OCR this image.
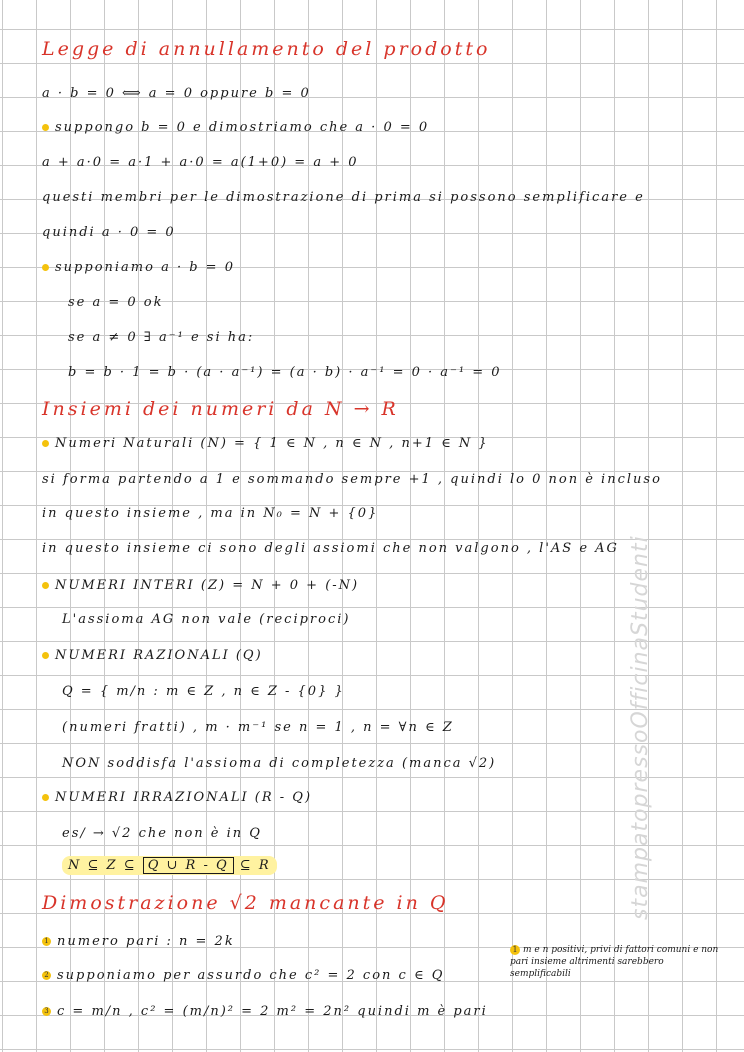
Legge di annullamento del prodotto
a · b = 0 ⟺ a = 0 oppure b = 0
suppongo b = 0 e dimostriamo che a · 0 = 0
a + a·0 = a·1 + a·0 = a(1+0) = a + 0
questi membri per le dimostrazione di prima si possono semplificare e
quindi a · 0 = 0
supponiamo a · b = 0
se a = 0 ok
se a ≠ 0 ∃ a⁻¹ e si ha:
b = b · 1 = b · (a · a⁻¹) = (a · b) · a⁻¹ = 0 · a⁻¹ = 0
Insiemi dei numeri da N → R
Numeri Naturali (N) = { 1 ∈ N , n ∈ N , n+1 ∈ N }
si forma partendo a 1 e sommando sempre +1 , quindi lo 0 non è incluso
in questo insieme , ma in N₀ = N + {0}
in questo insieme ci sono degli assiomi che non valgono , l'AS e AG
NUMERI INTERI (Z) = N + 0 + (-N)
L'assioma AG non vale (reciproci)
NUMERI RAZIONALI (Q)
Q = { m/n : m ∈ Z , n ∈ Z - {0} }
(numeri fratti) , m · m⁻¹ se n = 1 , n = ∀n ∈ Z
NON soddisfa l'assioma di completezza (manca √2)
NUMERI IRRAZIONALI (R - Q)
es/ → √2 che non è in Q
N ⊆ Z ⊆ Q ∪ R - Q ⊆ R
Dimostrazione √2 mancante in Q
1 numero pari : n = 2k
2 supponiamo per assurdo che c² = 2 con c ∈ Q
3 c = m/n , c² = (m/n)² = 2 m² = 2n² quindi m è pari
1 m e n positivi, privi di fattori comuni e non pari insieme altrimenti sarebbero semplificabili
stampatopressoOfficinaStudenti
